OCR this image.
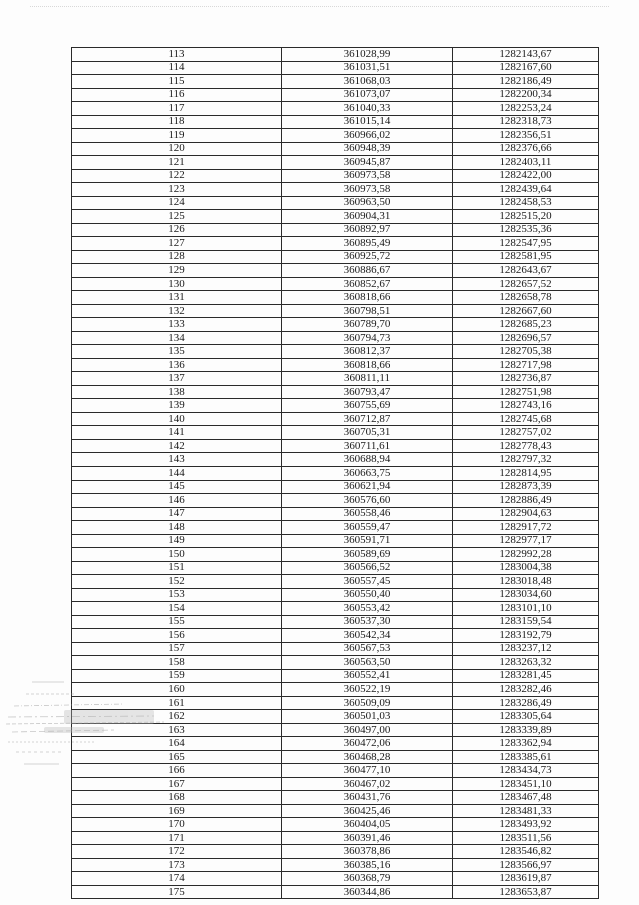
113	361028,99	1282143,67
114	361031,51	1282167,60
115	361068,03	1282186,49
116	361073,07	1282200,34
117	361040,33	1282253,24
118	361015,14	1282318,73
119	360966,02	1282356,51
120	360948,39	1282376,66
121	360945,87	1282403,11
122	360973,58	1282422,00
123	360973,58	1282439,64
124	360963,50	1282458,53
125	360904,31	1282515,20
126	360892,97	1282535,36
127	360895,49	1282547,95
128	360925,72	1282581,95
129	360886,67	1282643,67
130	360852,67	1282657,52
131	360818,66	1282658,78
132	360798,51	1282667,60
133	360789,70	1282685,23
134	360794,73	1282696,57
135	360812,37	1282705,38
136	360818,66	1282717,98
137	360811,11	1282736,87
138	360793,47	1282751,98
139	360755,69	1282743,16
140	360712,87	1282745,68
141	360705,31	1282757,02
142	360711,61	1282778,43
143	360688,94	1282797,32
144	360663,75	1282814,95
145	360621,94	1282873,39
146	360576,60	1282886,49
147	360558,46	1282904,63
148	360559,47	1282917,72
149	360591,71	1282977,17
150	360589,69	1282992,28
151	360566,52	1283004,38
152	360557,45	1283018,48
153	360550,40	1283034,60
154	360553,42	1283101,10
155	360537,30	1283159,54
156	360542,34	1283192,79
157	360567,53	1283237,12
158	360563,50	1283263,32
159	360552,41	1283281,45
160	360522,19	1283282,46
161	360509,09	1283286,49
162	360501,03	1283305,64
163	360497,00	1283339,89
164	360472,06	1283362,94
165	360468,28	1283385,61
166	360477,10	1283434,73
167	360467,02	1283451,10
168	360431,76	1283467,48
169	360425,46	1283481,33
170	360404,05	1283493,92
171	360391,46	1283511,56
172	360378,86	1283546,82
173	360385,16	1283566,97
174	360368,79	1283619,87
175	360344,86	1283653,87
